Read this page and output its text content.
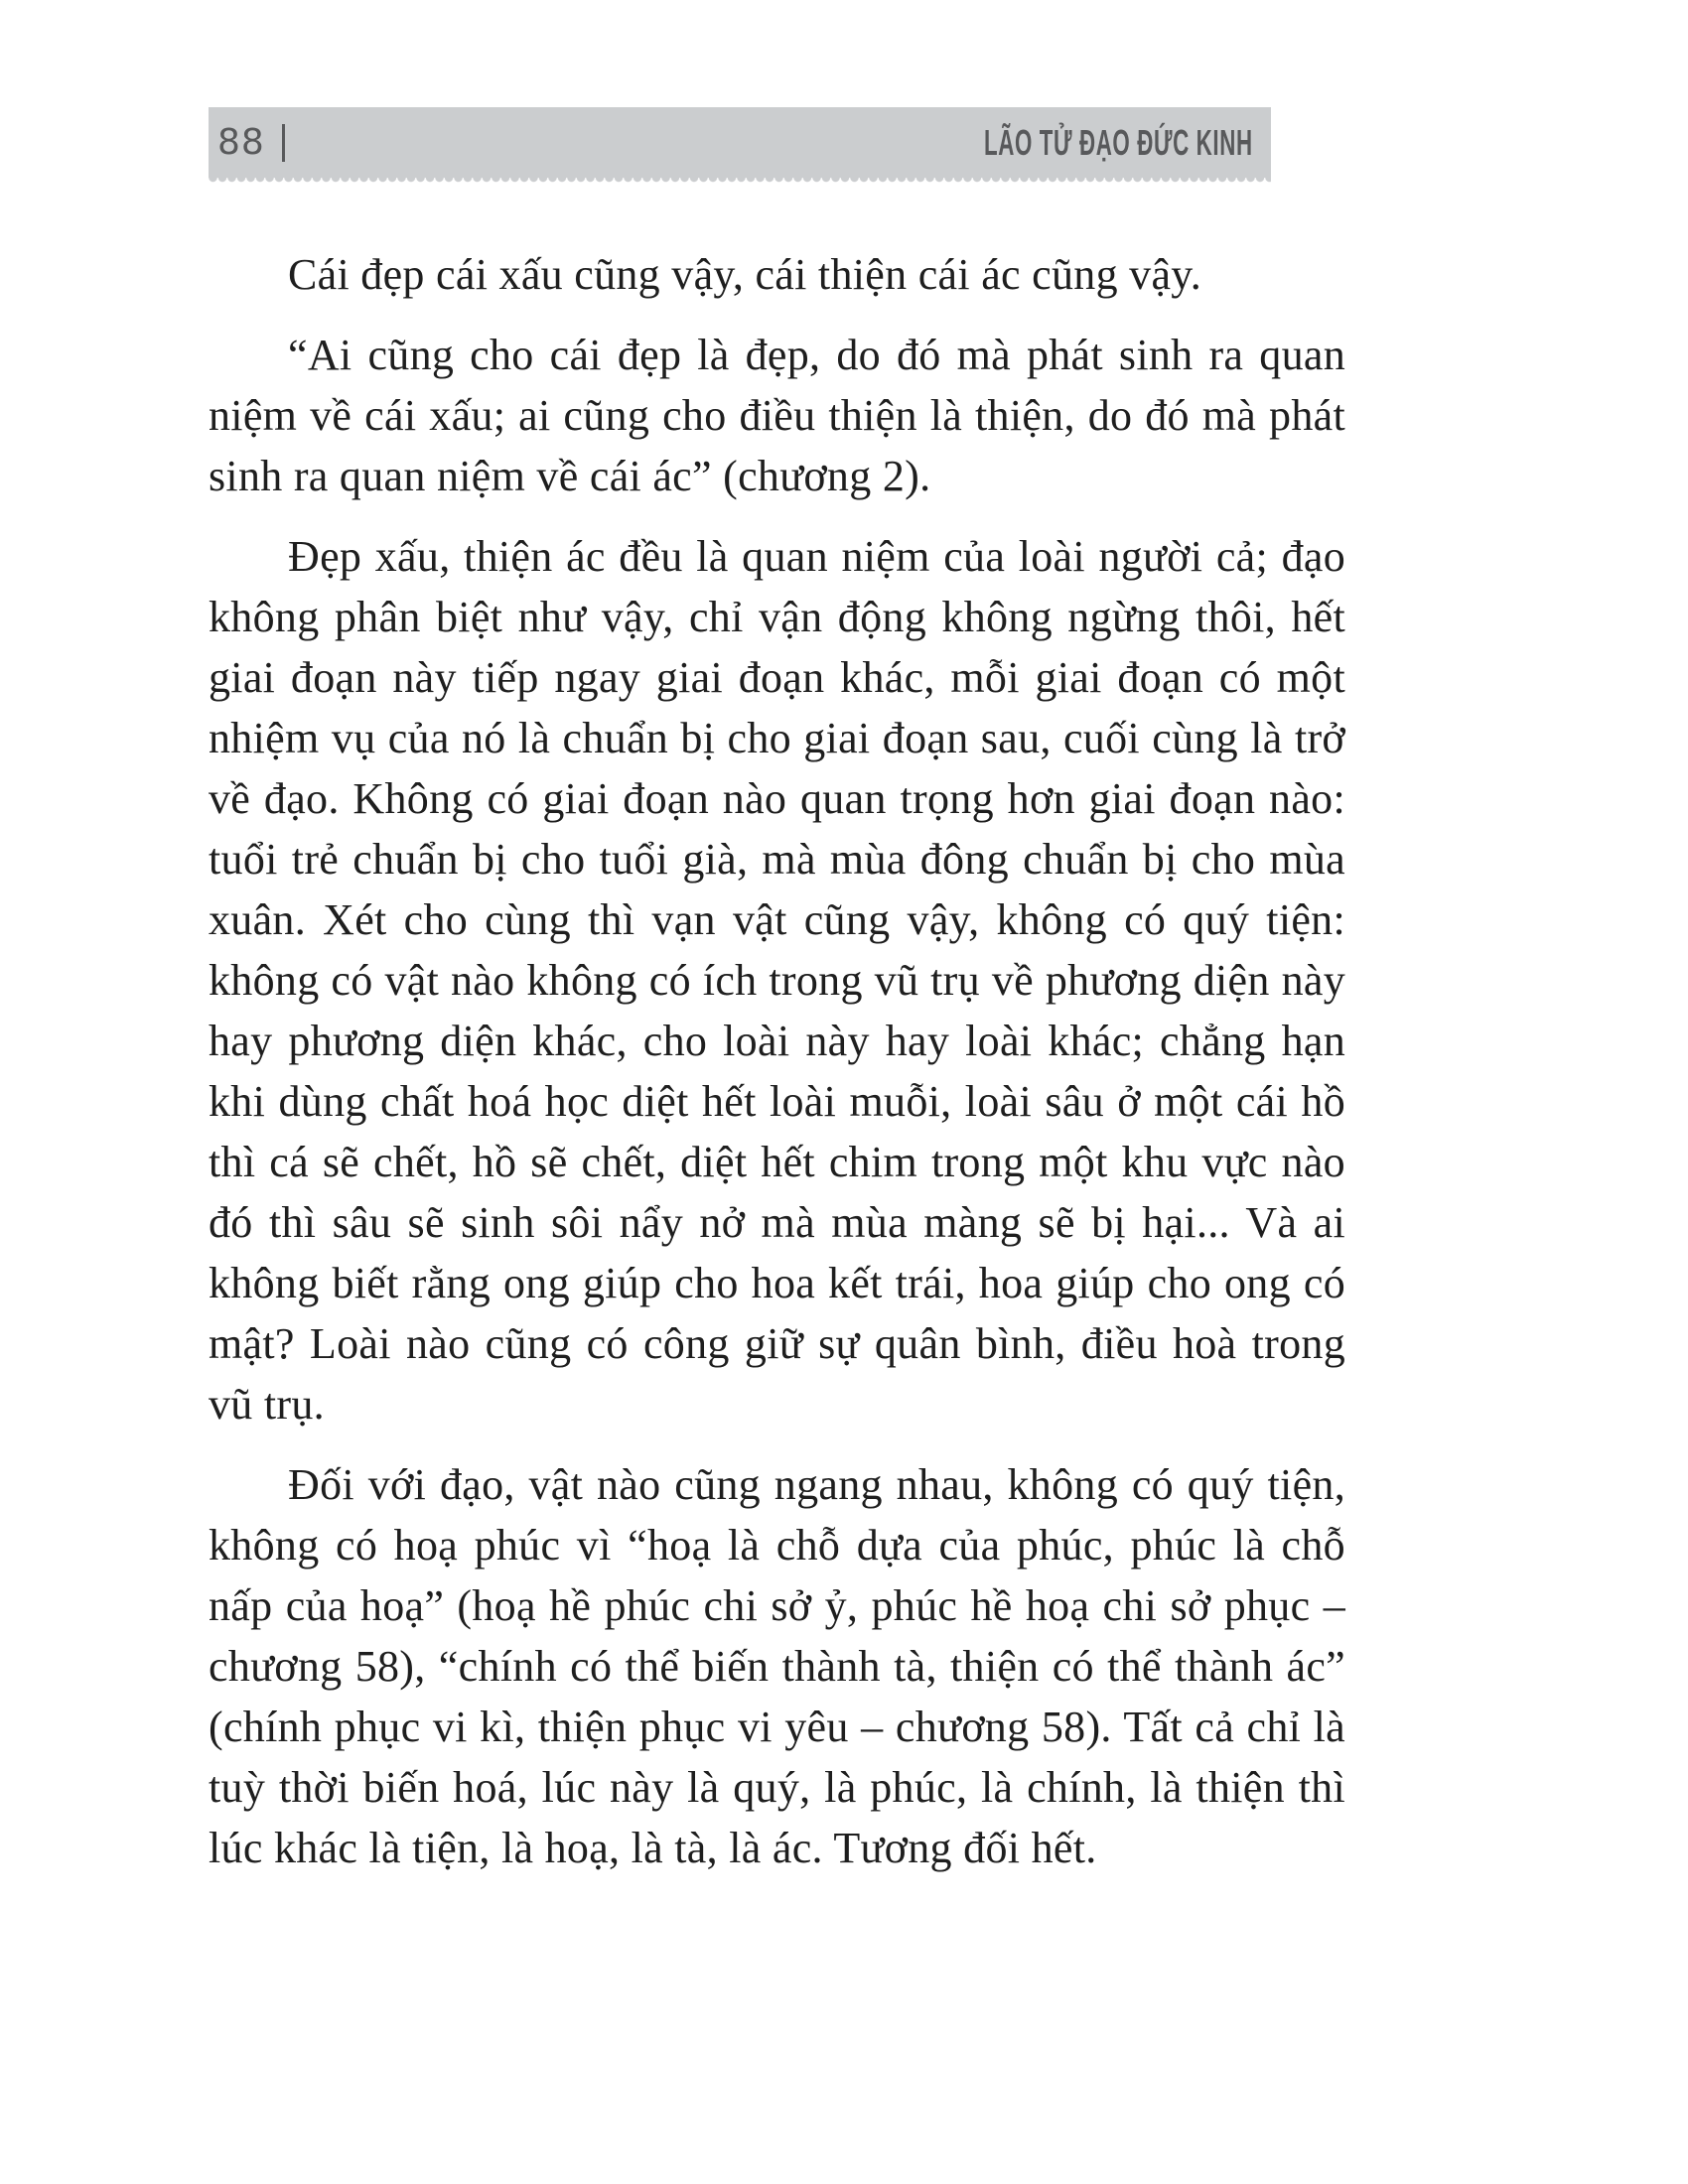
88	LÃO TỬ ĐẠO ĐỨC KINH

Cái đẹp cái xấu cũng vậy, cái thiện cái ác cũng vậy.

“Ai cũng cho cái đẹp là đẹp, do đó mà phát sinh ra quan niệm về cái xấu; ai cũng cho điều thiện là thiện, do đó mà phát sinh ra quan niệm về cái ác” (chương 2).

Đẹp xấu, thiện ác đều là quan niệm của loài người cả; đạo không phân biệt như vậy, chỉ vận động không ngừng thôi, hết giai đoạn này tiếp ngay giai đoạn khác, mỗi giai đoạn có một nhiệm vụ của nó là chuẩn bị cho giai đoạn sau, cuối cùng là trở về đạo. Không có giai đoạn nào quan trọng hơn giai đoạn nào: tuổi trẻ chuẩn bị cho tuổi già, mà mùa đông chuẩn bị cho mùa xuân. Xét cho cùng thì vạn vật cũng vậy, không có quý tiện: không có vật nào không có ích trong vũ trụ về phương diện này hay phương diện khác, cho loài này hay loài khác; chẳng hạn khi dùng chất hoá học diệt hết loài muỗi, loài sâu ở một cái hồ thì cá sẽ chết, hồ sẽ chết, diệt hết chim trong một khu vực nào đó thì sâu sẽ sinh sôi nẩy nở mà mùa màng sẽ bị hại... Và ai không biết rằng ong giúp cho hoa kết trái, hoa giúp cho ong có mật? Loài nào cũng có công giữ sự quân bình, điều hoà trong vũ trụ.

Đối với đạo, vật nào cũng ngang nhau, không có quý tiện, không có hoạ phúc vì “hoạ là chỗ dựa của phúc, phúc là chỗ nấp của hoạ” (hoạ hề phúc chi sở ỷ, phúc hề hoạ chi sở phục – chương 58), “chính có thể biến thành tà, thiện có thể thành ác” (chính phục vi kì, thiện phục vi yêu – chương 58). Tất cả chỉ là tuỳ thời biến hoá, lúc này là quý, là phúc, là chính, là thiện thì lúc khác là tiện, là hoạ, là tà, là ác. Tương đối hết.
